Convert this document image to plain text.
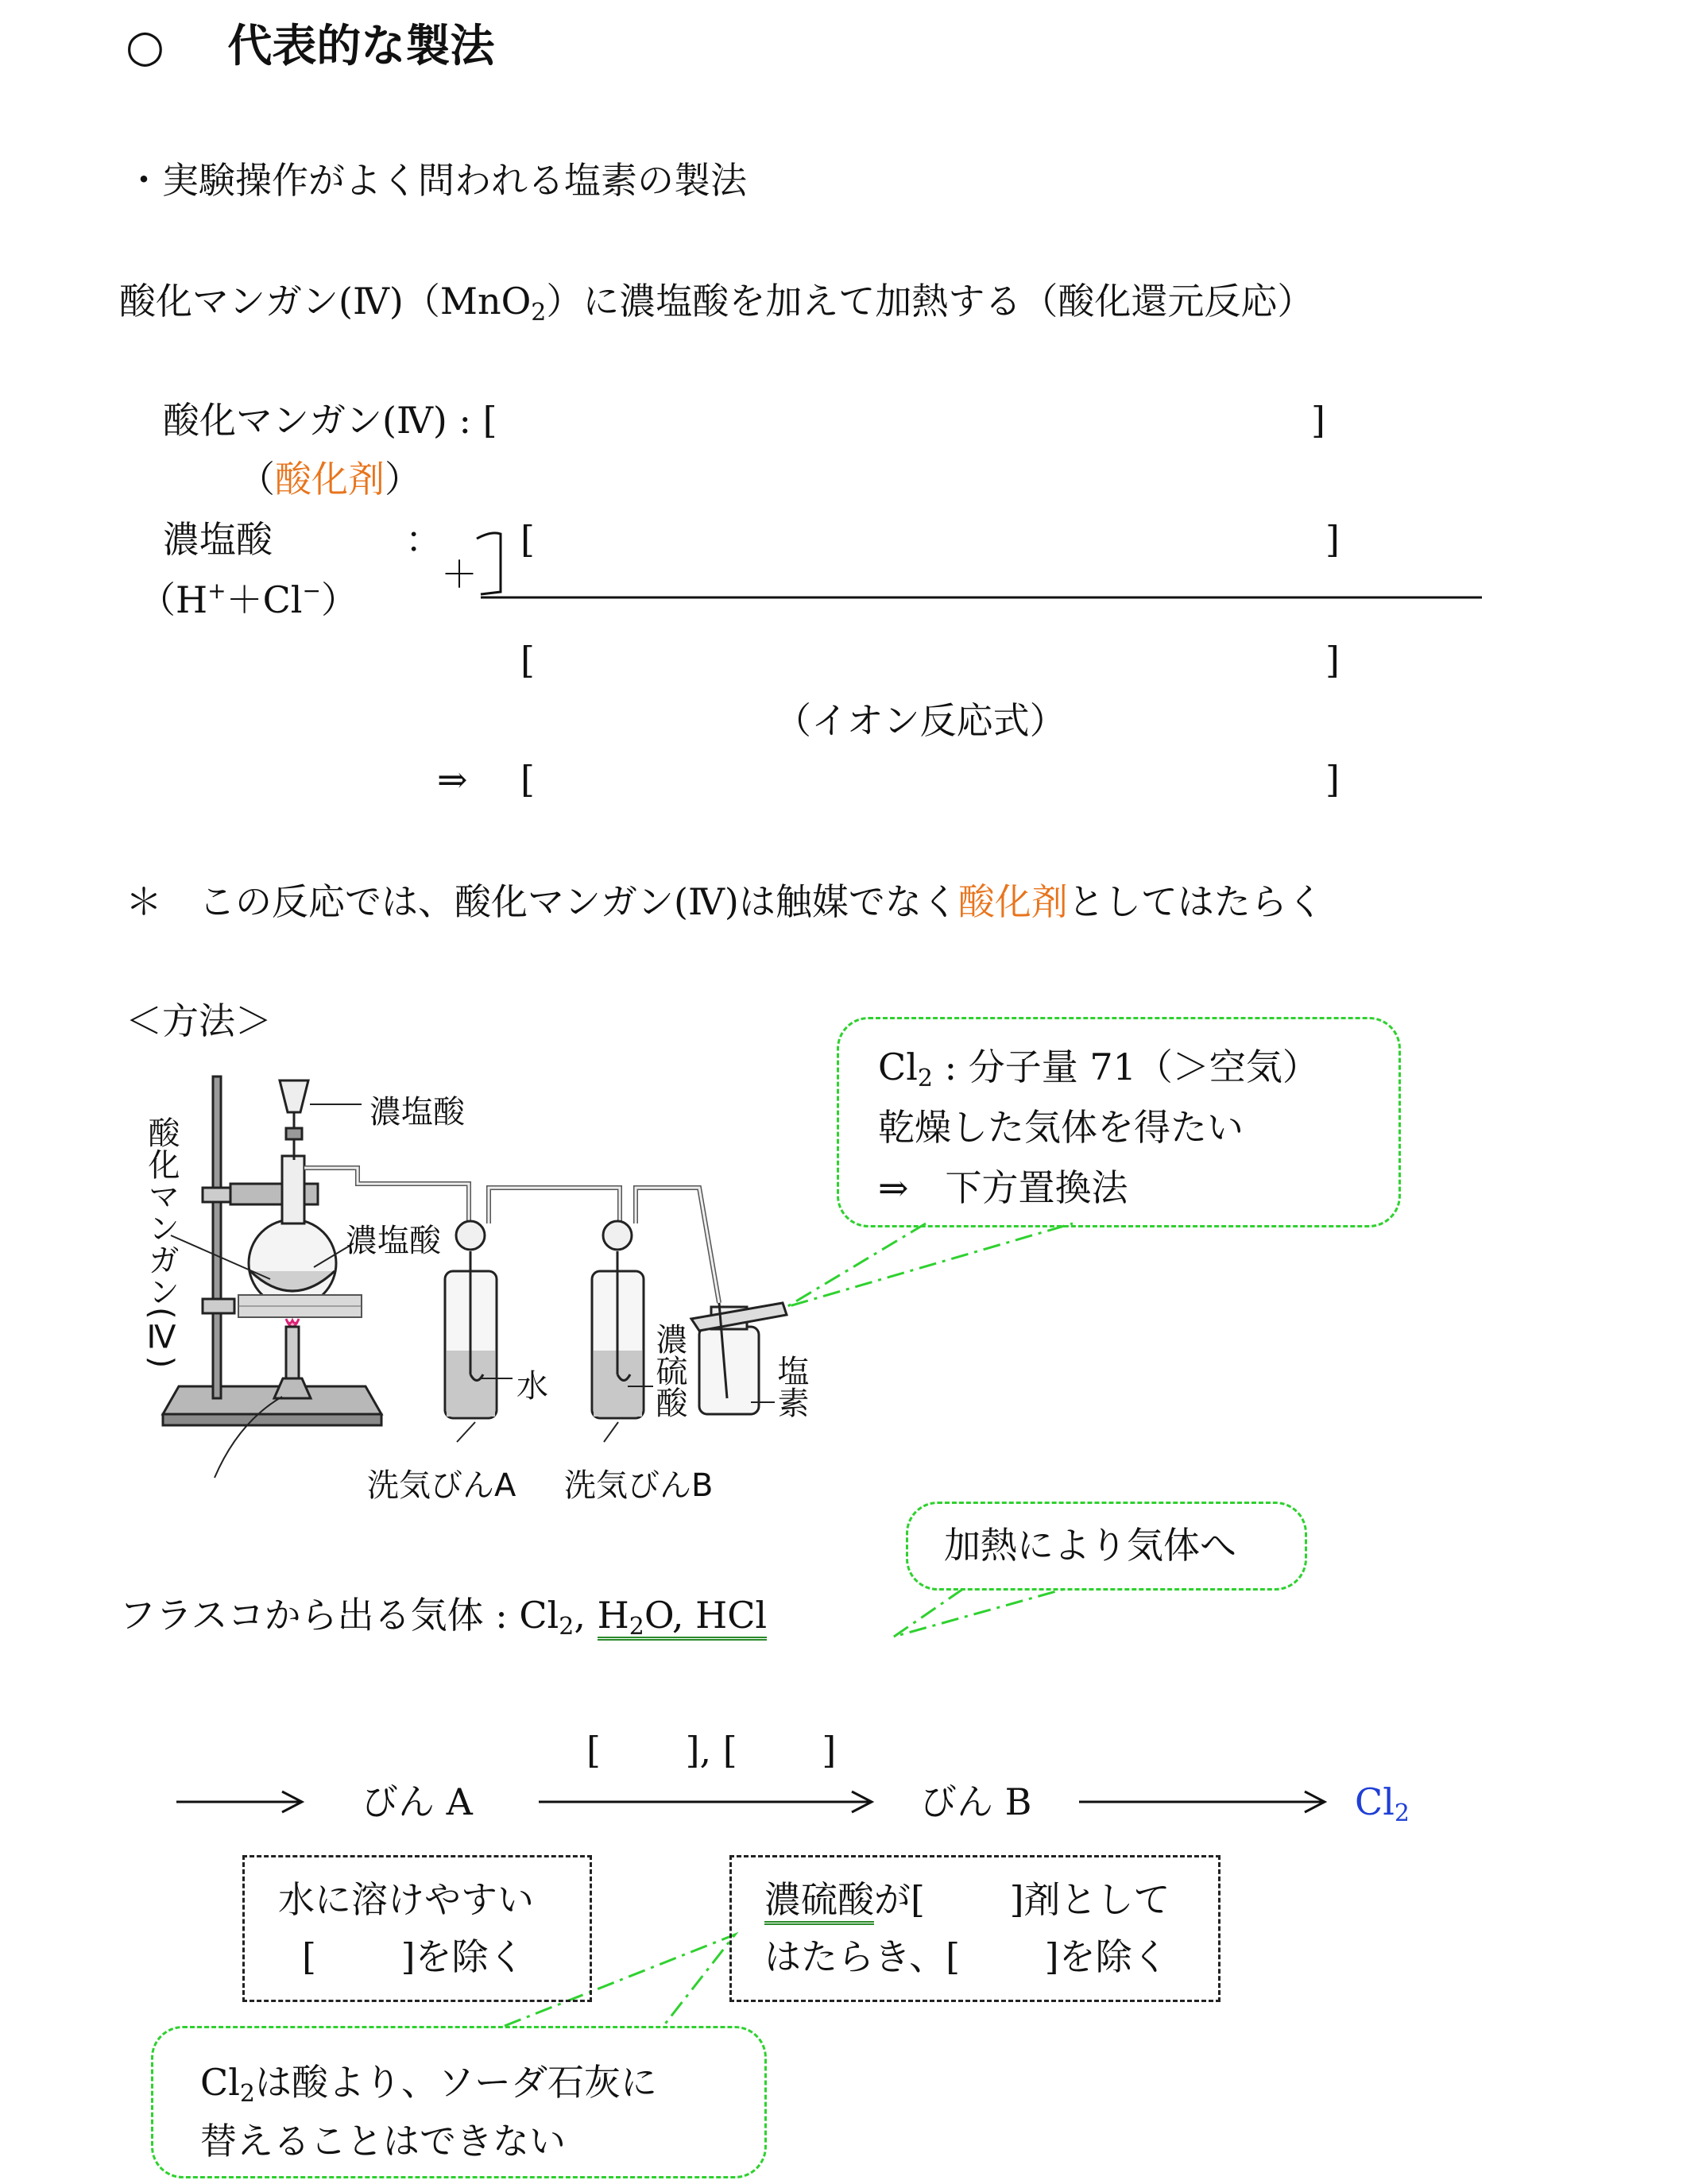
○ 代表的な製法
・実験操作がよく問われる塩素の製法
酸化マンガン(Ⅳ)（MnO$_2$）に濃塩酸を加えて加熱する（酸化還元反応）
酸化マンガン(Ⅳ) : [	]
（酸化剤）
濃塩酸	： [	]
＋
（H+＋Cl−）
[	]
（イオン反応式）
⇒ [	]
＊　この反応では、酸化マンガン(Ⅳ)は触媒でなく酸化剤としてはたらく
＜方法＞
濃塩酸
濃塩酸
酸化マンガン(Ⅳ)
水	濃硫酸	塩素
洗気びんA 洗気びんB
$Cl_2$ : 分子量 71（＞空気）
乾燥した気体を得たい
⇒　下方置換法
加熱により気体へ
フラスコから出る気体 : $Cl_2$, $H_2O$, HCl
[　　 ], [　　 ]
びん A	びん B	$Cl_2$
水に溶けやすい
[　　 ]を除く
濃硫酸が[　　 ]剤として
はたらき、[　　 ]を除く
$Cl_2$は酸より、ソーダ石灰に
替えることはできない
